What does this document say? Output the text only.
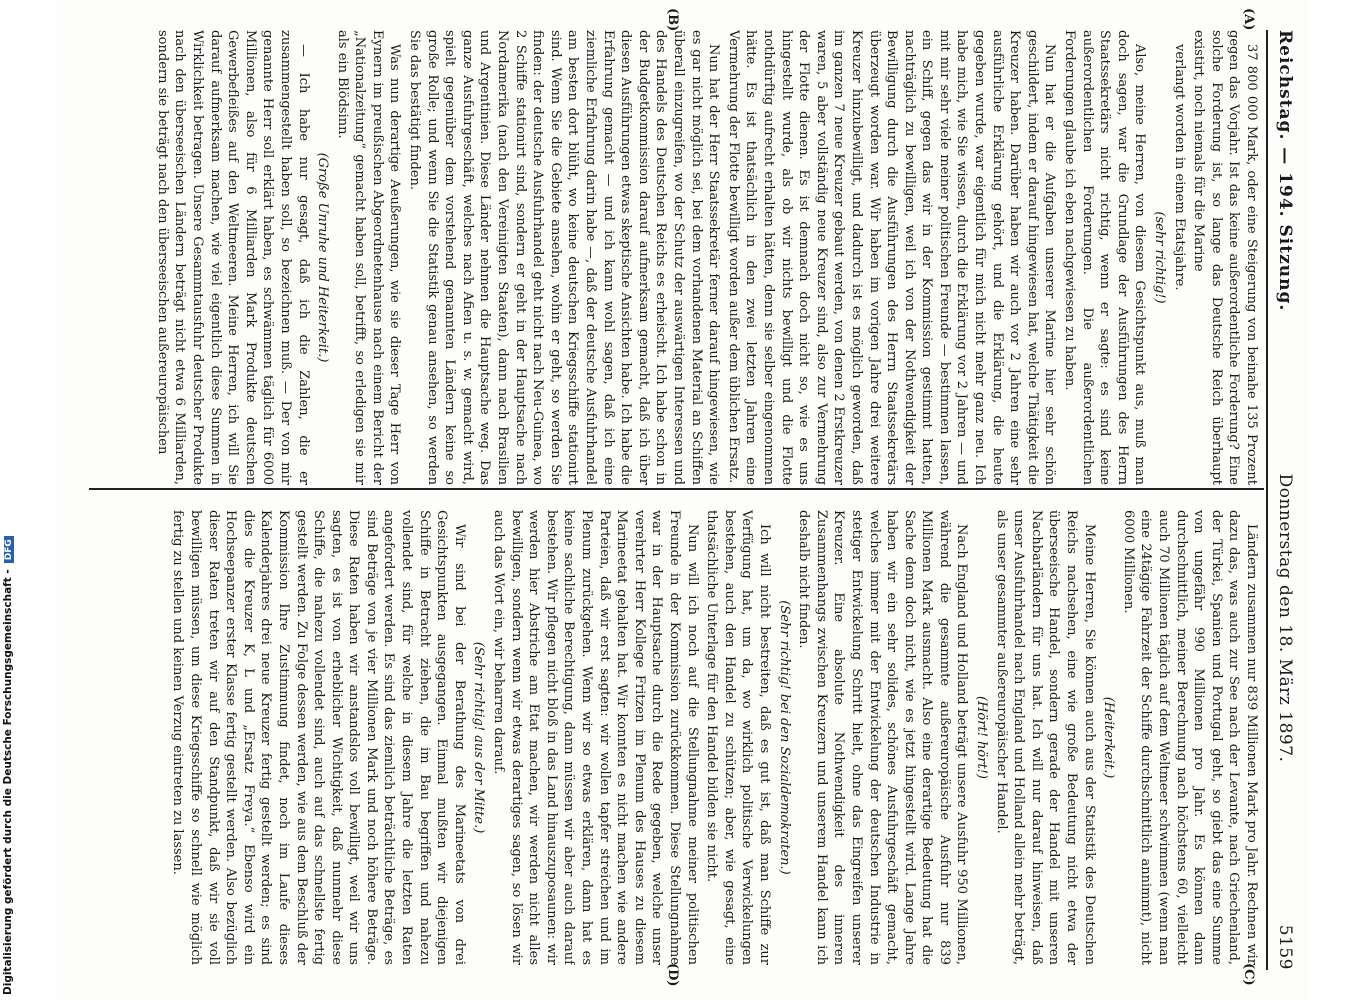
Reichstag. — 194. Sitzung.
Donnerstag den 18. März 1897.
5159
(A)
(B)
(C)
(D)

37 800 000 Mark, oder eine Steigerung von beinahe 135 Prozent gegen das Vorjahr. Ist das keine außerordentliche Forderung? Eine solche Forderung ist, so lange das Deutsche Reich überhaupt existirt, noch niemals für die Marine

verlangt worden in einem Etatsjahre.

(sehr richtig!)

Also, meine Herren, von diesem Gesichtspunkt aus, muß man doch sagen, war die Grundlage der Ausführungen des Herrn Staatssekretärs nicht richtig, wenn er sagte: es sind keine außerordentlichen Forderungen. Die außerordentlichen Forderungen glaube ich eben nachgewiesen zu haben.

Nun hat er die Aufgaben unserer Marine hier sehr schön geschildert, indem er darauf hingewiesen hat, welche Thätigkeit die Kreuzer haben. Darüber haben wir auch vor 2 Jahren eine sehr ausführliche Erklärung gehört, und die Erklärung, die heute gegeben wurde, war eigentlich für mich nicht mehr ganz neu. Ich habe mich, wie Sie wissen, durch die Erklärung vor 2 Jahren — und mit mir sehr viele meiner politischen Freunde — bestimmen lassen, ein Schiff, gegen das wir in der Kommission gestimmt hatten, nachträglich zu bewilligen, weil ich von der Nothwendigkeit der Bewilligung durch die Ausführungen des Herrn Staatssekretärs überzeugt worden war. Wir haben im vorigen Jahre drei weitere Kreuzer hinzubewilligt, und dadurch ist es möglich geworden, daß im ganzen 7 neue Kreuzer gebaut werden, von denen 2 Erstkreuzer waren, 5 aber vollständig neue Kreuzer sind, also zur Vermehrung der Flotte dienen. Es ist demnach doch nicht so, wie es uns hingestellt wurde, als ob wir nichts bewilligt und die Flotte nothdürftig aufrecht erhalten hätten, denn sie selber eingenommen hätte. Es ist thatsächlich in den zwei letzten Jahren eine Vermehrung der Flotte bewilligt worden außer dem üblichen Ersatz.

Nun hat der Herr Staatssekretär ferner darauf hingewiesen, wie es gar nicht möglich sei, bei dem vorhandenen Material an Schiffen überall einzugreifen, wo der Schutz der auswärtigen Interessen und des Handels des Deutschen Reichs es erheischt. Ich habe schon in der Budgetkommission darauf aufmerksam gemacht, daß ich über diesen Ausführungen etwas skeptische Ansichten habe. Ich habe die Erfahrung gemacht — und ich kann wohl sagen, daß ich eine ziemliche Erfahrung darin habe —, daß der deutsche Ausfuhrhandel am besten dort blüht, wo keine deutschen Kriegsschiffe stationirt sind. Wenn Sie die Gebiete ansehen, wohin er geht, so werden Sie finden: der deutsche Ausfuhrhandel geht nicht nach Neu-Guinea, wo 2 Schiffe stationirt sind, sondern er geht in der Hauptsache nach Nordamerika (nach den Vereinigten Staaten), dann nach Brasilien und Argentinien. Diese Länder nehmen die Hauptsache weg. Das ganze Ausfuhrgeschäft, welches nach Afien u. s. w. gemacht wird, spielt gegenüber dem vorstehend genannten Ländern keine so große Rolle; und wenn Sie die Statistik genau ansehen, so werden Sie das bestätigt finden.

Was nun derartige Aeußerungen, wie sie dieser Tage Herr von Eynern im preußischen Abgeordnetenhause nach einem Bericht der „Nationalzeitung“ gemacht haben soll, betrifft, so erledigen sie mir als ein Blödsinn.

(Große Unruhe und Heiterkeit.)

— Ich habe nur gesagt, daß ich die Zahlen, die er zusammengestellt haben soll, so bezeichnen muß. — Der von mir genannte Herr soll erklärt haben, es schwämmen täglich für 6000 Millionen, also für 6 Milliarden Mark Produkte deutschen Gewerbefleißes auf den Weltmeeren. Meine Herren, ich will Sie darauf aufmerksam machen, wie viel eigentlich diese Summen in Wirklichkeit betragen. Unsere Gesammtausfuhr deutscher Produkte nach den überseeischen Ländern beträgt nicht etwa 6 Milliarden, sondern sie beträgt nach den überseeischen außereuropäischen

Ländern zusammen nur 839 Millionen Mark pro Jahr. Rechnen wir dazu das, was auch zur See nach der Levante, nach Griechenland, der Türkei, Spanien und Portugal geht, so giebt das eine Summe von ungefähr 990 Millionen pro Jahr. Es können dann durchschnittlich, meiner Berechnung nach höchstens 60, vielleicht auch 70 Millionen täglich auf dem Weltmeer schwimmen (wenn man eine 24tägige Fahrzeit der Schiffe durchschnittlich annimmt), nicht 6000 Millionen.

(Heiterkeit.)

Meine Herren, Sie können auch aus der Statistik des Deutschen Reichs nachsehen, eine wie große Bedeutung nicht etwa der überseeische Handel, sondern gerade der Handel mit unseren Nachbarländern für uns hat. Ich will nur darauf hinweisen, daß unser Ausfuhrhandel nach England und Holland allein mehr beträgt, als unser gesammter außereuropäischer Handel.

(Hört! hört!)

Nach England und Holland beträgt unsere Ausfuhr 950 Millionen, während die gesammte außereuropäische Ausfuhr nur 839 Millionen Mark ausmacht. Also eine derartige Bedeutung hat die Sache denn doch nicht, wie es jetzt hingestellt wird. Lange Jahre haben wir ein sehr solides, schönes Ausfuhrgeschäft gemacht, welches immer mit der Entwickelung der deutschen Industrie in stetiger Entwickelung Schritt hielt, ohne das Eingreifen unserer Kreuzer. Eine absolute Nothwendigkeit des inneren Zusammenhangs zwischen Kreuzern und unserem Handel kann ich deshalb nicht finden.

(Sehr richtig! bei den Sozialdemokraten.)

Ich will nicht bestreiten, daß es gut ist, daß man Schiffe zur Verfügung hat, um da, wo wirklich politische Verwickelungen bestehen, auch den Handel zu schützen; aber, wie gesagt, eine thatsächliche Unterlage für den Handel bilden sie nicht.

Nun will ich noch auf die Stellungnahme meiner politischen Freunde in der Kommission zurückkommen. Diese Stellungnahme war in der Hauptsache durch die Rede gegeben, welche unser verehrter Herr Kollege Fritzen im Plenum des Hauses zu diesem Marineetat gehalten hat. Wir konnten es nicht machen wie andere Parteien, daß wir erst sagten: wir wollen tapfer streichen und im Plenum zurückgehen. Wenn wir so etwas erklären, dann hat es keine sachliche Berechtigung, dann müssen wir aber auch darauf bestehen. Wir pflegen nicht bloß in das Land hinauszuposaunen: wir werden hier Abstriche am Etat machen, wir werden nicht alles bewilligen, sondern wenn wir etwas derartiges sagen, so lösen wir auch das Wort ein, wir beharren darauf.

(Sehr richtig! aus der Mitte.)

Wir sind bei der Berathung des Marineetats von drei Gesichtspunkten ausgegangen. Einmal mußten wir diejenigen Schiffe in Betracht ziehen, die im Bau begriffen und nahezu vollendet sind, für welche in diesem Jahre die letzten Raten angefordert werden. Es sind das ziemlich beträchtliche Beträge, es sind Beträge von je vier Millionen Mark und noch höhere Beträge. Diese Raten haben wir anstandslos voll bewilligt, weil wir uns sagten, es ist von erheblicher Wichtigkeit, daß nunmehr diese Schiffe, die nahezu vollendet sind, auch auf das schnellste fertig gestellt werden. Zu Folge dessen werden, wie aus dem Beschluß der Kommission Ihre Zustimmung findet, noch im Laufe dieses Kalenderjahres drei neue Kreuzer fertig gestellt werden; es sind dies die Kreuzer K, L und „Ersatz Freya.“ Ebenso wird ein Hochseepanzer erster Klasse fertig gestellt werden. Also bezüglich dieser Raten treten wir auf den Standpunkt, daß wir sie voll bewilligen müssen, um diese Kriegsschiffe so schnell wie möglich fertig zu stellen und keinen Verzug eintreten zu lassen.

Digitalisierung gefördert durch die Deutsche Forschungsgemeinschaft -DFG
